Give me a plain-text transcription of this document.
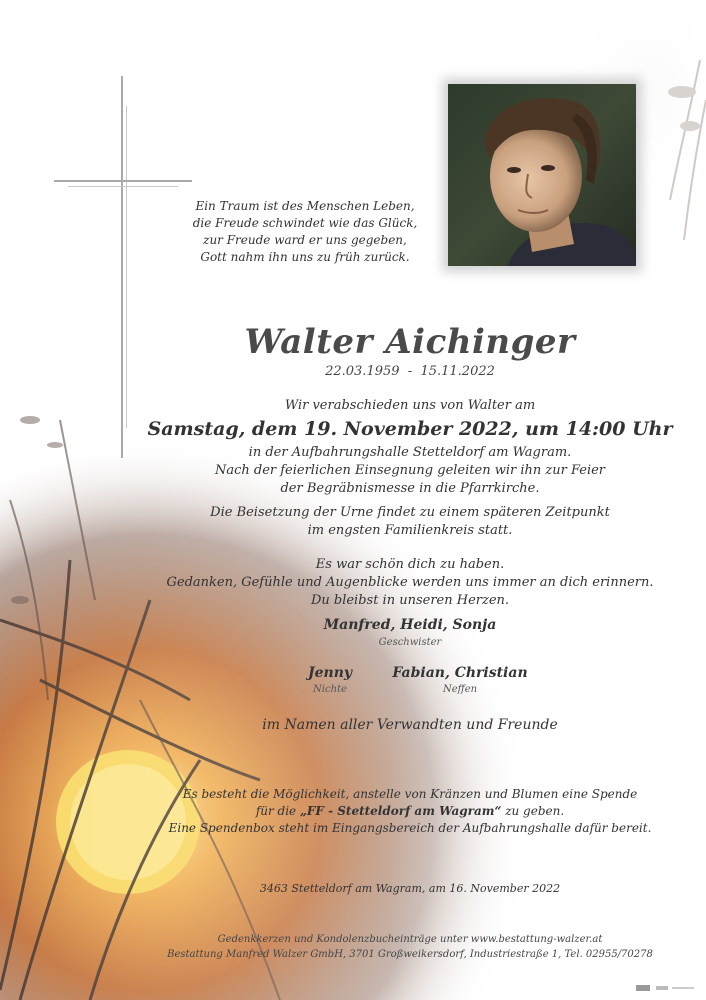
Ein Traum ist des Menschen Leben,
die Freude schwindet wie das Glück,
zur Freude ward er uns gegeben,
Gott nahm ihn uns zu früh zurück.
Walter Aichinger
22.03.1959  -  15.11.2022
Wir verabschieden uns von Walter am
Samstag, dem 19. November 2022, um 14:00 Uhr
in der Aufbahrungshalle Stetteldorf am Wagram.
Nach der feierlichen Einsegnung geleiten wir ihn zur Feier
der Begräbnismesse in die Pfarrkirche.
Die Beisetzung der Urne findet zu einem späteren Zeitpunkt
im engsten Familienkreis statt.
Es war schön dich zu haben.
Gedanken, Gefühle und Augenblicke werden uns immer an dich erinnern.
Du bleibst in unseren Herzen.
Manfred, Heidi, Sonja
Geschwister
Jenny
Nichte
Fabian, Christian
Neffen
im Namen aller Verwandten und Freunde
Es besteht die Möglichkeit, anstelle von Kränzen und Blumen eine Spende
für die „FF - Stetteldorf am Wagram“ zu geben.
Eine Spendenbox steht im Eingangsbereich der Aufbahrungshalle dafür bereit.
3463 Stetteldorf am Wagram, am 16. November 2022
Gedenkkerzen und Kondolenzbucheinträge unter www.bestattung-walzer.at
Bestattung Manfred Walzer GmbH, 3701 Großweikersdorf, Industriestraße 1, Tel. 02955/70278
